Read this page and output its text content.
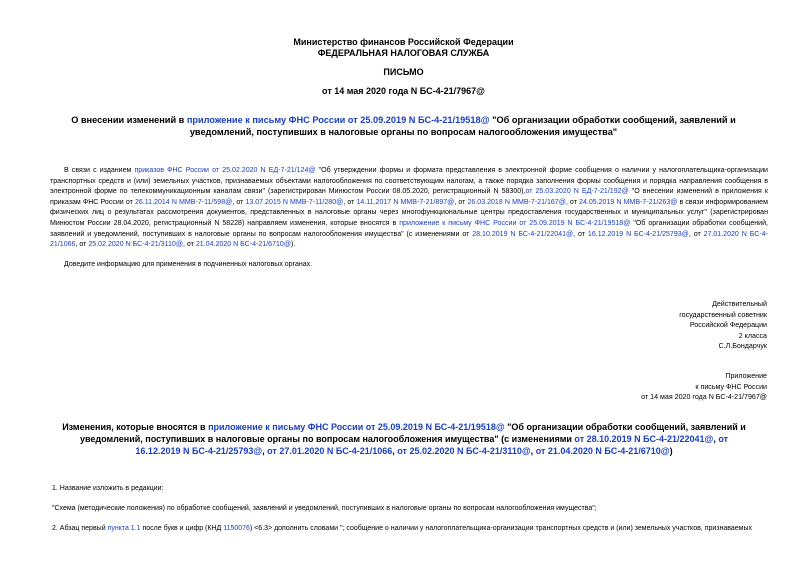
Министерство финансов Российской Федерации
ФЕДЕРАЛЬНАЯ НАЛОГОВАЯ СЛУЖБА
ПИСЬМО
от 14 мая 2020 года N БС-4-21/7967@
О внесении изменений в приложение к письму ФНС России от 25.09.2019 N БС-4-21/19518@ "Об организации обработки сообщений, заявлений и уведомлений, поступивших в налоговые органы по вопросам налогообложения имущества"
В связи с изданием приказов ФНС России от 25.02.2020 N ЕД-7-21/124@ "Об утверждении формы и формата представления в электронной форме сообщения о наличии у налогоплательщика-организации транспортных средств и (или) земельных участков, признаваемых объектами налогообложения по соответствующим налогам, а также порядка заполнения формы сообщения и порядка направления сообщения в электронной форме по телекоммуникационным каналам связи" (зарегистрирован Минюстом России 08.05.2020, регистрационный N 58300),от 25.03.2020 N ЕД-7-21/192@ "О внесении изменений в приложения к приказам ФНС России от 26.11.2014 N ММВ-7-11/598@, от 13.07.2015 N ММВ-7-11/280@, от 14.11.2017 N ММВ-7-21/897@, от 26.03.2018 N ММВ-7-21/167@, от 24.05.2019 N ММВ-7-21/263@ в связи информированием физических лиц о результатах рассмотрения документов, представленных в налоговые органы через многофункциональные центры предоставления государственных и муниципальных услуг" (зарегистрирован Минюстом России 28.04.2020, регистрационный N 58228) направляем изменения, которые вносятся в приложение к письму ФНС России от 25.09.2019 N БС-4-21/19518@ "Об организации обработки сообщений, заявлений и уведомлений, поступивших в налоговые органы по вопросам налогообложения имущества" (с изменениями от 28.10.2019 N БС-4-21/22041@, от 16.12.2019 N БС-4-21/25793@, от 27.01.2020 N БС-4-21/1066, от 25.02.2020 N БС-4-21/3110@, от 21.04.2020 N БС-4-21/6710@).
Доведите информацию для применения в подчиненных налоговых органах.
Действительный
государственный советник
Российской Федерации
2 класса
С.Л.Бондарчук
Приложение
к письму ФНС России
от 14 мая 2020 года N БС-4-21/7967@
Изменения, которые вносятся в приложение к письму ФНС России от 25.09.2019 N БС-4-21/19518@ "Об организации обработки сообщений, заявлений и уведомлений, поступивших в налоговые органы по вопросам налогообложения имущества" (с изменениями от 28.10.2019 N БС-4-21/22041@, от 16.12.2019 N БС-4-21/25793@, от 27.01.2020 N БС-4-21/1066, от 25.02.2020 N БС-4-21/3110@, от 21.04.2020 N БС-4-21/6710@)
1. Название изложить в редакции:
"Схема (методические положения) по обработке сообщений, заявлений и уведомлений, поступивших в налоговые органы по вопросам налогообложения имущества";
2. Абзац первый пункта 1.1 после букв и цифр (КНД 1150076) <6.3> дополнить словами "; сообщение о наличии у налогоплательщика-организации транспортных средств и (или) земельных участков, признаваемых
